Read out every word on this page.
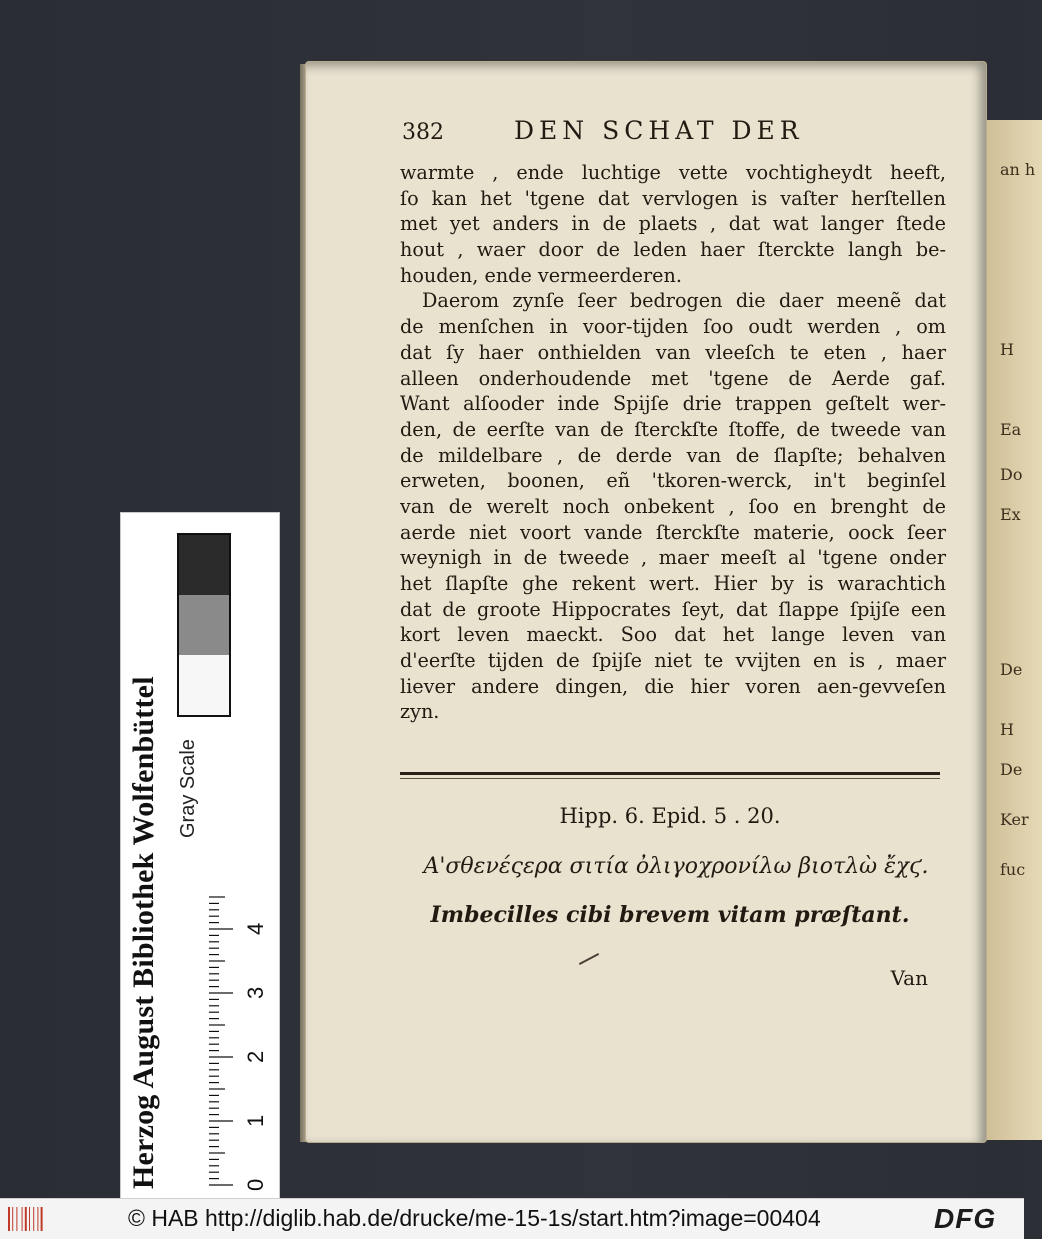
an h
H
Ea
Do
Ex
De
H
De
Ker
fuc
382	DEN SCHAT DER
warmte , ende luchtige vette vochtigheydt heeft,
ſo kan het 'tgene dat vervlogen is vaſter herſtellen
met yet anders in de plaets , dat wat langer ſtede
hout , waer door de leden haer ſterckte langh be-
houden, ende vermeerderen.
Daerom zynſe ſeer bedrogen die daer meenẽ dat
de menſchen in voor-tijden ſoo oudt werden , om
dat ſy haer onthielden van vleeſch te eten , haer
alleen onderhoudende met 'tgene de Aerde gaf.
Want alſooder inde Spijſe drie trappen geſtelt wer-
den, de eerſte van de ſterckſte ſtoffe, de tweede van
de mildelbare , de derde van de ſlapſte; behalven
erweten, boonen, eñ 'tkoren-werck, in't beginſel
van de werelt noch onbekent , ſoo en brenght de
aerde niet voort vande ſterckſte materie, oock ſeer
weynigh in de tweede , maer meeſt al 'tgene onder
het ſlapſte ghe rekent wert. Hier by is warachtich
dat de groote Hippocrates ſeyt, dat ſlappe ſpijſe een
kort leven maeckt. Soo dat het lange leven van
d'eerſte tijden de ſpijſe niet te vvijten en is , maer
liever andere dingen, die hier voren aen-gevveſen
zyn.
Hipp. 6. Epid. 5 . 20.
Α'σθενέςερα σιτία ὀλιγοχρονίλω βιοτλὼ ἔχϛ.
Imbecilles cibi brevem vitam præſtant.
Van
Herzog August Bibliothek Wolfenbüttel Gray Scale
0
1
2
3
4
© HAB http://diglib.hab.de/drucke/me-15-1s/start.htm?image=00404	DFG
